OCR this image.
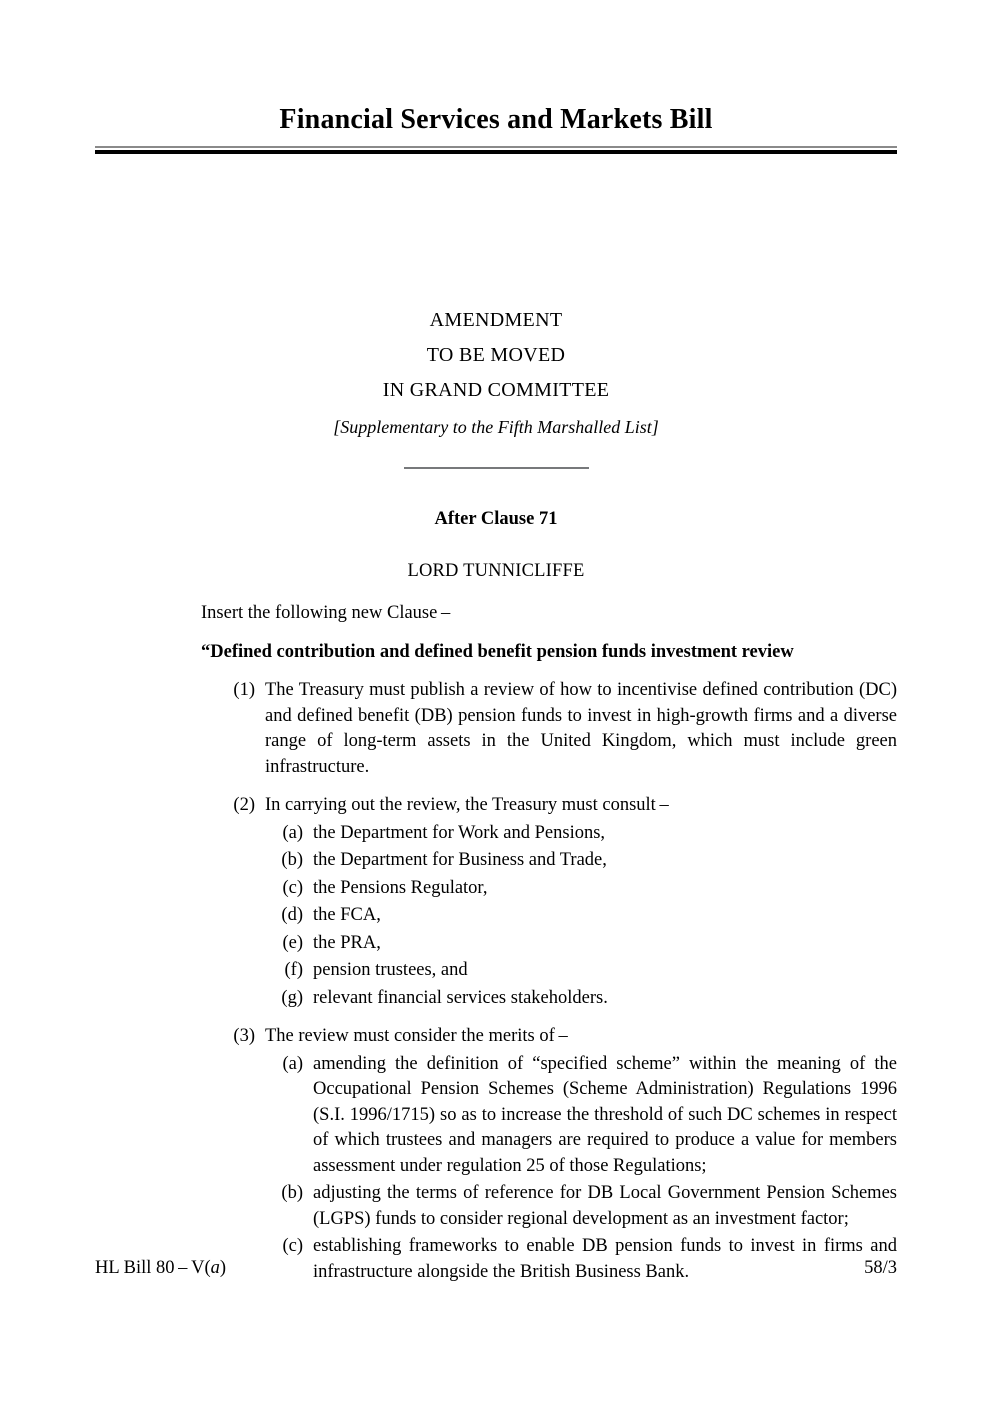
Financial Services and Markets Bill
AMENDMENT
TO BE MOVED
IN GRAND COMMITTEE
[Supplementary to the Fifth Marshalled List]
After Clause 71
LORD TUNNICLIFFE
Insert the following new Clause –
“Defined contribution and defined benefit pension funds investment review
(1) The Treasury must publish a review of how to incentivise defined contribution (DC) and defined benefit (DB) pension funds to invest in high-growth firms and a diverse range of long-term assets in the United Kingdom, which must include green infrastructure.
(2) In carrying out the review, the Treasury must consult –
(a) the Department for Work and Pensions,
(b) the Department for Business and Trade,
(c) the Pensions Regulator,
(d) the FCA,
(e) the PRA,
(f) pension trustees, and
(g) relevant financial services stakeholders.
(3) The review must consider the merits of –
(a) amending the definition of “specified scheme” within the meaning of the Occupational Pension Schemes (Scheme Administration) Regulations 1996 (S.I. 1996/1715) so as to increase the threshold of such DC schemes in respect of which trustees and managers are required to produce a value for members assessment under regulation 25 of those Regulations;
(b) adjusting the terms of reference for DB Local Government Pension Schemes (LGPS) funds to consider regional development as an investment factor;
(c) establishing frameworks to enable DB pension funds to invest in firms and infrastructure alongside the British Business Bank.
HL Bill 80 – V(a)	58/3
